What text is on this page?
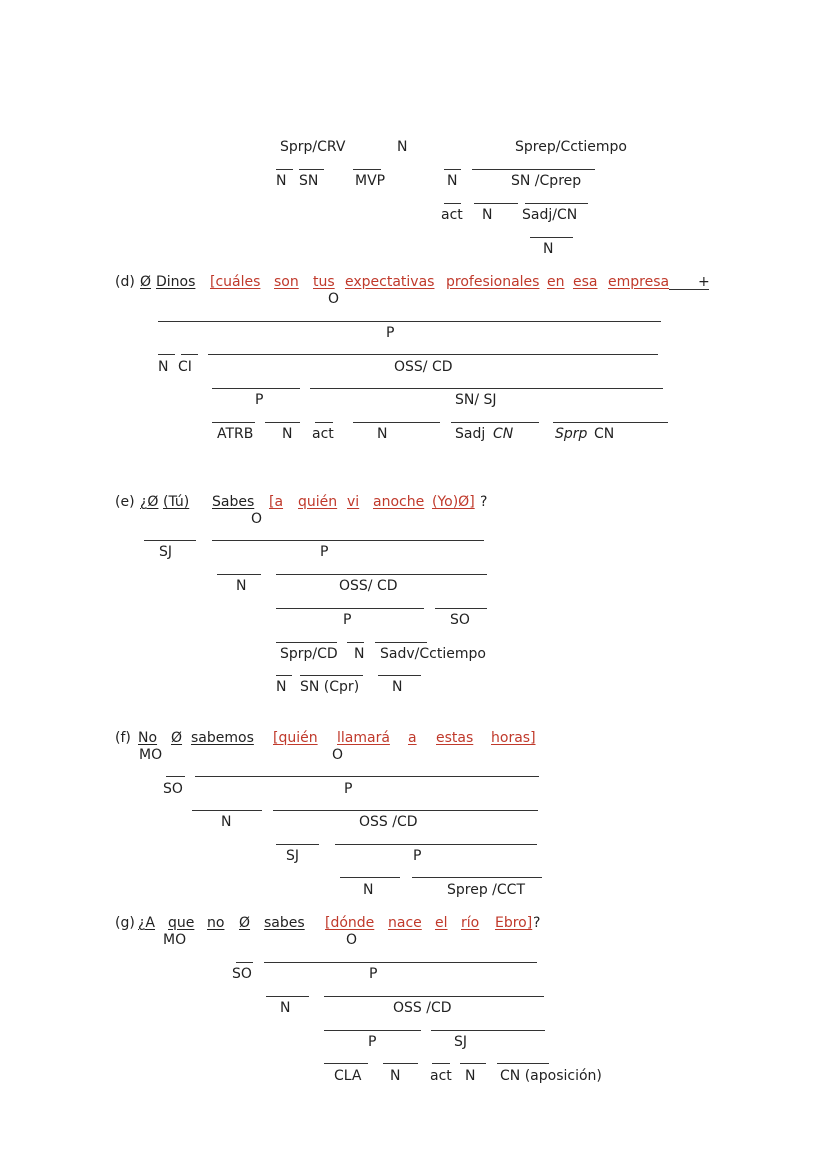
Sprp/CRV	N	Sprep/Cctiempo
N SN	MVP	N	SN /Cprep
act N Sadj/CN
N
(d) Ø Dinos [cuáles son tus expectativas profesionales en esa empresa +
O
P
N CI	OSS/ CD
P	SN/ SJ
ATRB N act	N	Sadj CN	Sprp CN
(e) ¿Ø (Tú) Sabes [a quién vi anoche (Yo)Ø] ?
O
SJ	P
N	OSS/ CD
P	SO
Sprp/CD N Sadv/Cctiempo
N SN (Cpr) N
(f) No Ø sabemos [quién llamará a estas horas]
MO	O
SO	P
N	OSS /CD
SJ	P
N	Sprep /CCT
(g) ¿A que no Ø sabes [dónde nace el río Ebro] ?
MO	O
SO	P
N	OSS /CD
P	SJ
CLA N act N CN (aposición)
